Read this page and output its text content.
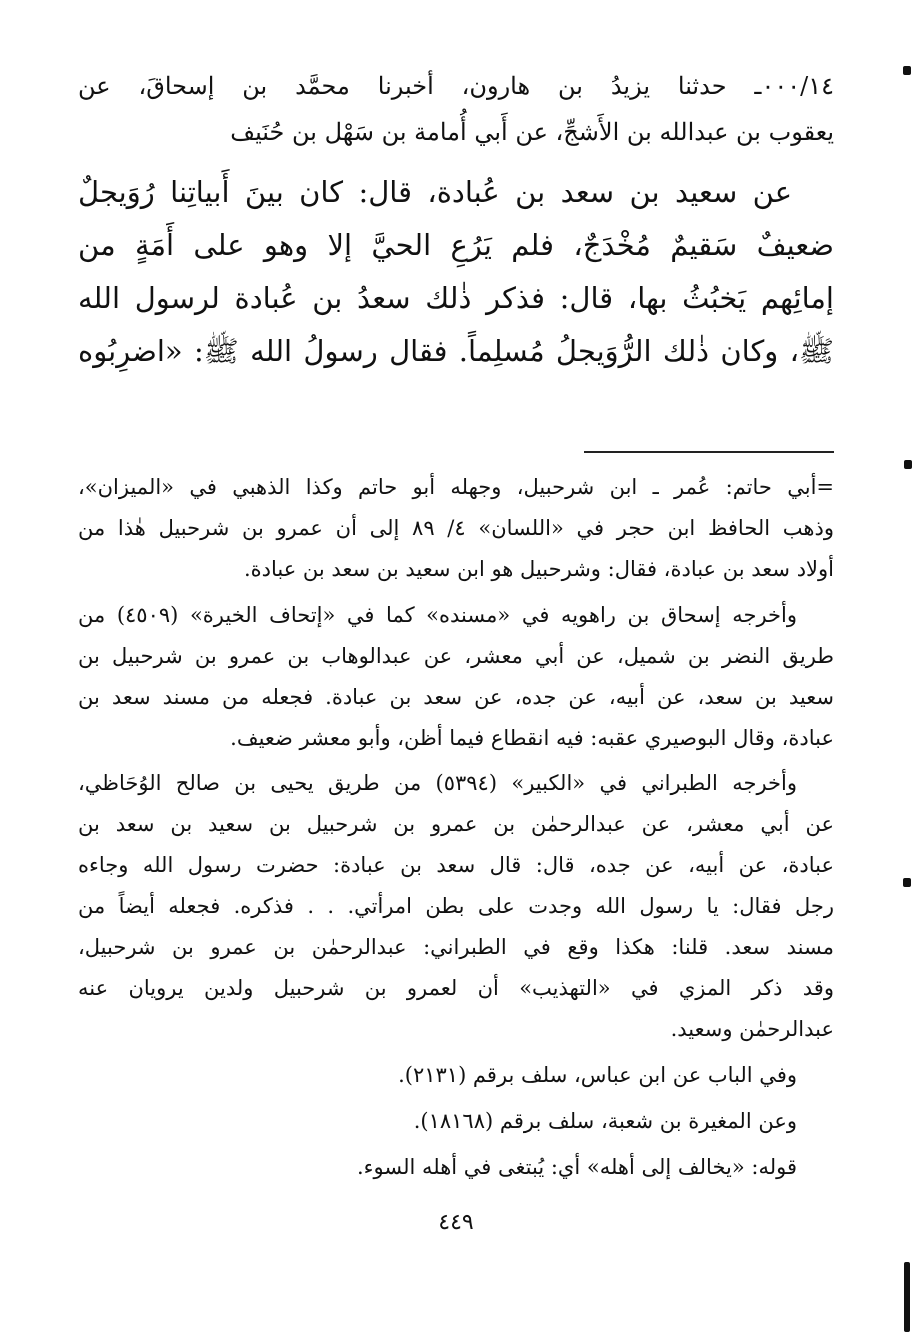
٠٠٠/١٤ـ حدثنا يزيدُ بن هارون، أخبرنا محمَّد بن إسحاقَ، عن
يعقوب بن عبدالله بن الأَشجِّ، عن أَبي أُمامة بن سَهْل بن حُنَيف
عن سعيد بن سعد بن عُبادة، قال: كان بينَ أَبياتِنا رُوَيجلٌ
ضعيفٌ سَقيمٌ مُخْدَجٌ، فلم يَرُعِ الحيَّ إلا وهو على أَمَةٍ من
إمائِهم يَخبُثُ بها، قال: فذكر ذٰلك سعدُ بن عُبادة لرسول الله
ﷺ، وكان ذٰلك الرُّوَيجلُ مُسلِماً. فقال رسولُ الله ﷺ: «اضرِبُوه
=أبي حاتم: عُمر ـ ابن شرحبيل، وجهله أبو حاتم وكذا الذهبي في «الميزان»،
وذهب الحافظ ابن حجر في «اللسان» ٤/ ٨٩ إلى أن عمرو بن شرحبيل هٰذا من
أولاد سعد بن عبادة، فقال: وشرحبيل هو ابن سعيد بن سعد بن عبادة.
وأخرجه إسحاق بن راهويه في «مسنده» كما في «إتحاف الخيرة» (٤٥٠٩) من
طريق النضر بن شميل، عن أبي معشر، عن عبدالوهاب بن عمرو بن شرحبيل بن
سعيد بن سعد، عن أبيه، عن جده، عن سعد بن عبادة. فجعله من مسند سعد بن
عبادة، وقال البوصيري عقبه: فيه انقطاع فيما أظن، وأبو معشر ضعيف.
وأخرجه الطبراني في «الكبير» (٥٣٩٤) من طريق يحيى بن صالح الوُحَاظي،
عن أبي معشر، عن عبدالرحمٰن بن عمرو بن شرحبيل بن سعيد بن سعد بن
عبادة، عن أبيه، عن جده، قال: قال سعد بن عبادة: حضرت رسول الله وجاءه
رجل فقال: يا رسول الله وجدت على بطن امرأتي. . . فذكره. فجعله أيضاً من
مسند سعد. قلنا: هكذا وقع في الطبراني: عبدالرحمٰن بن عمرو بن شرحبيل،
وقد ذكر المزي في «التهذيب» أن لعمرو بن شرحبيل ولدين يرويان عنه
عبدالرحمٰن وسعيد.
وفي الباب عن ابن عباس، سلف برقم (٢١٣١).
وعن المغيرة بن شعبة، سلف برقم (١٨١٦٨).
قوله: «يخالف إلى أهله» أي: يُبتغى في أهله السوء.
٤٤٩
